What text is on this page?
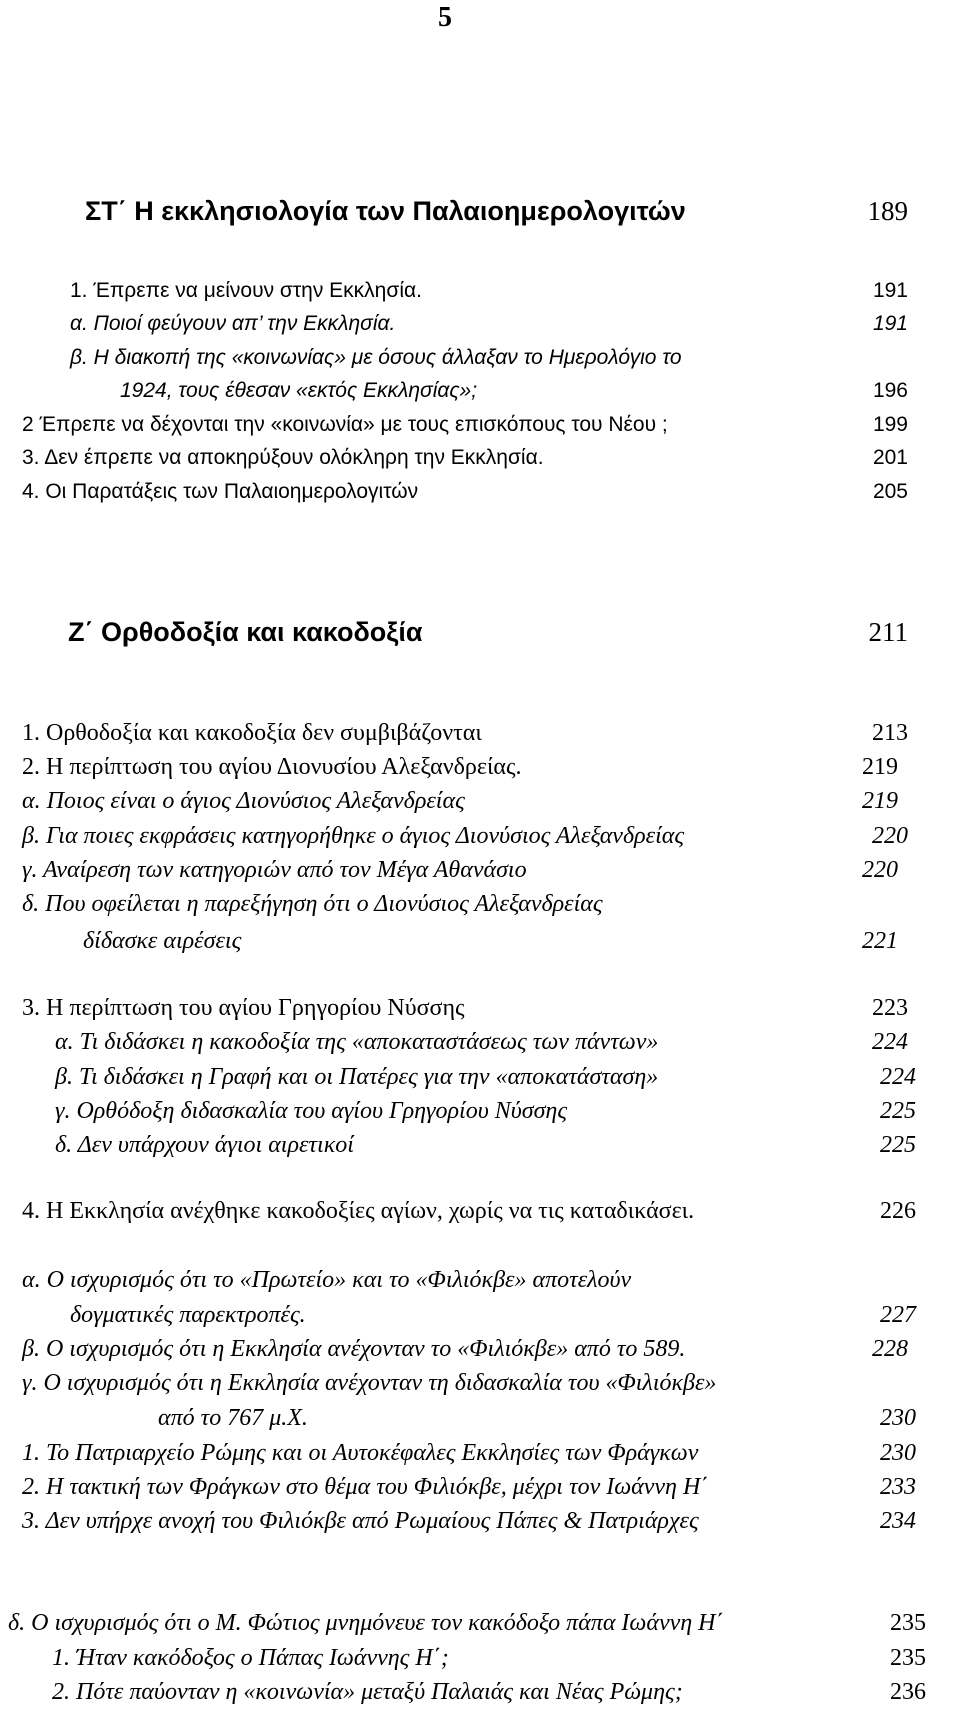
5
ΣΤ΄ Η εκκλησιολογία των Παλαιοημερολογιτών	189
1. Έπρεπε να μείνουν στην Εκκλησία.	191
α. Ποιοί φεύγουν απ’ την Εκκλησία.	191
β. Η διακοπή της «κοινωνίας» με όσους άλλαξαν το Ημερολόγιο το
1924, τους έθεσαν «εκτός Εκκλησίας»;	196
2 Έπρεπε να δέχονται την «κοινωνία» με τους επισκόπους του Νέου ;	199
3. Δεν έπρεπε να αποκηρύξουν ολόκληρη την Εκκλησία.	201
4. Οι Παρατάξεις των Παλαιοημερολογιτών	205
Ζ΄ Ορθοδοξία και κακοδοξία	211
1. Ορθοδοξία και κακοδοξία δεν συμβιβάζονται	213
2. Η περίπτωση του αγίου Διονυσίου Αλεξανδρείας.	219
α. Ποιος είναι ο άγιος Διονύσιος Αλεξανδρείας	219
β. Για ποιες εκφράσεις κατηγορήθηκε ο άγιος Διονύσιος Αλεξανδρείας	220
γ. Αναίρεση των κατηγοριών από τον Μέγα Αθανάσιο	220
δ. Που οφείλεται η παρεξήγηση ότι ο Διονύσιος Αλεξανδρείας
δίδασκε αιρέσεις	221
3. Η περίπτωση του αγίου Γρηγορίου Νύσσης	223
α. Τι διδάσκει η κακοδοξία της «αποκαταστάσεως των πάντων»	224
β. Τι διδάσκει η Γραφή και οι Πατέρες για την «αποκατάσταση»	224
γ. Ορθόδοξη διδασκαλία του αγίου Γρηγορίου Νύσσης	225
δ. Δεν υπάρχουν άγιοι αιρετικοί	225
4. Η Εκκλησία ανέχθηκε κακοδοξίες αγίων, χωρίς να τις καταδικάσει.	226
α. Ο ισχυρισμός ότι το «Πρωτείο» και το «Φιλιόκβε» αποτελούν
δογματικές παρεκτροπές.	227
β. Ο ισχυρισμός ότι η Εκκλησία ανέχονταν το «Φιλιόκβε» από το 589.	228
γ. Ο ισχυρισμός ότι η Εκκλησία ανέχονταν τη διδασκαλία του «Φιλιόκβε»
από το 767 μ.Χ.	230
1. Το Πατριαρχείο Ρώμης και οι Αυτοκέφαλες Εκκλησίες των Φράγκων	230
2. Η τακτική των Φράγκων στο θέμα του Φιλιόκβε, μέχρι τον Ιωάννη Η΄	233
3. Δεν υπήρχε ανοχή του Φιλιόκβε από Ρωμαίους Πάπες & Πατριάρχες	234
δ. Ο ισχυρισμός ότι ο Μ. Φώτιος μνημόνευε τον κακόδοξο πάπα Ιωάννη Η΄	235
1. Ήταν κακόδοξος ο Πάπας Ιωάννης Η΄;	235
2. Πότε παύονταν η «κοινωνία» μεταξύ Παλαιάς και Νέας Ρώμης;	236
